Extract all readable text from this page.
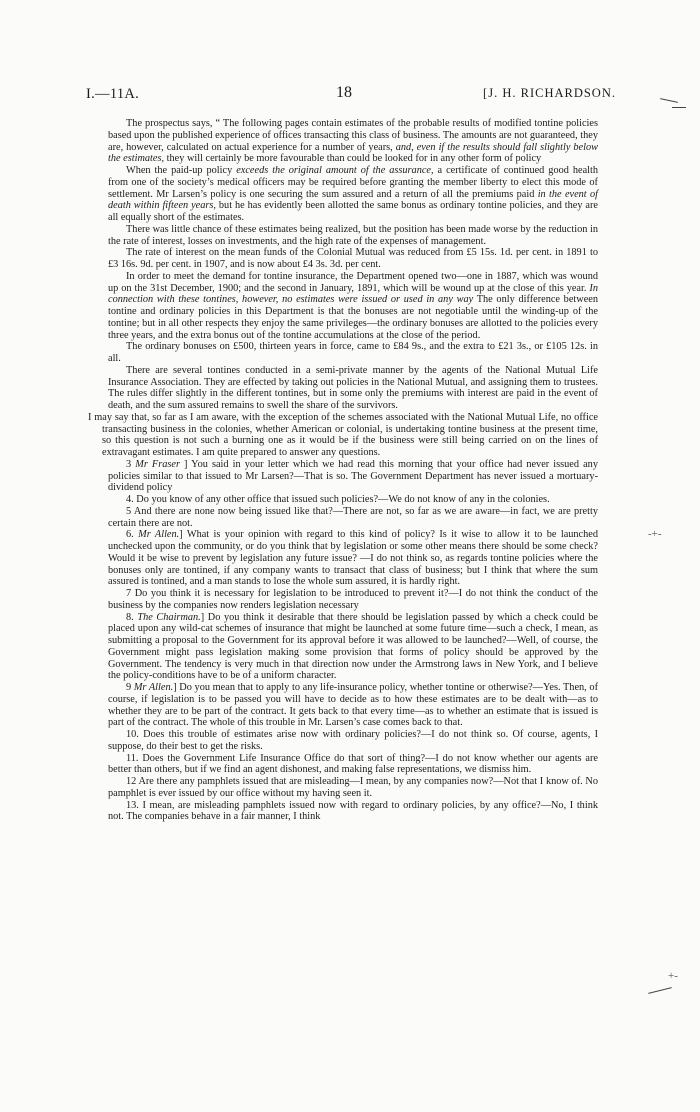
I.—11A.	18	[J. H. RICHARDSON.
-+-
+-

The prospectus says, “ The following pages contain estimates of the probable results of modified tontine policies based upon the published experience of offices transacting this class of business. The amounts are not guaranteed, they are, however, calculated on actual experience for a number of years, and, even if the results should fall slightly below the estimates, they will certainly be more favourable than could be looked for in any other form of policy

When the paid-up policy exceeds the original amount of the assurance, a certificate of continued good health from one of the society’s medical officers may be required before granting the member liberty to elect this mode of settlement. Mr Larsen’s policy is one securing the sum assured and a return of all the premiums paid in the event of death within fifteen years, but he has evidently been allotted the same bonus as ordinary tontine policies, and they are all equally short of the estimates.

There was little chance of these estimates being realized, but the position has been made worse by the reduction in the rate of interest, losses on investments, and the high rate of the expenses of management.

The rate of interest on the mean funds of the Colonial Mutual was reduced from £5 15s. 1d. per cent. in 1891 to £3 16s. 9d. per cent. in 1907, and is now about £4 3s. 3d. per cent.

In order to meet the demand for tontine insurance, the Department opened two—one in 1887, which was wound up on the 31st December, 1900; and the second in January, 1891, which will be wound up at the close of this year. In connection with these tontines, however, no estimates were issued or used in any way The only difference between tontine and ordinary policies in this Department is that the bonuses are not negotiable until the winding-up of the tontine; but in all other respects they enjoy the same privileges—the ordinary bonuses are allotted to the policies every three years, and the extra bonus out of the tontine accumulations at the close of the period.

The ordinary bonuses on £500, thirteen years in force, came to £84 9s., and the extra to £21 3s., or £105 12s. in all.

There are several tontines conducted in a semi-private manner by the agents of the National Mutual Life Insurance Association. They are effected by taking out policies in the National Mutual, and assigning them to trustees. The rules differ slightly in the different tontines, but in some only the premiums with interest are paid in the event of death, and the sum assured remains to swell the share of the survivors.

I may say that, so far as I am aware, with the exception of the schemes associated with the National Mutual Life, no office transacting business in the colonies, whether American or colonial, is undertaking tontine business at the present time, so this question is not such a burning one as it would be if the business were still being carried on on the lines of extravagant estimates. I am quite prepared to answer any questions.

3 Mr Fraser ] You said in your letter which we had read this morning that your office had never issued any policies similar to that issued to Mr Larsen?—That is so. The Government Department has never issued a mortuary-dividend policy

4. Do you know of any other office that issued such policies?—We do not know of any in the colonies.

5 And there are none now being issued like that?—There are not, so far as we are aware—in fact, we are pretty certain there are not.

6. Mr Allen.] What is your opinion with regard to this kind of policy? Is it wise to allow it to be launched unchecked upon the community, or do you think that by legislation or some other means there should be some check? Would it be wise to prevent by legislation any future issue? —I do not think so, as regards tontine policies where the bonuses only are tontined, if any company wants to transact that class of business; but I think that where the sum assured is tontined, and a man stands to lose the whole sum assured, it is hardly right.

7 Do you think it is necessary for legislation to be introduced to prevent it?—I do not think the conduct of the business by the companies now renders legislation necessary

8. The Chairman.] Do you think it desirable that there should be legislation passed by which a check could be placed upon any wild-cat schemes of insurance that might be launched at some future time—such a check, I mean, as submitting a proposal to the Government for its approval before it was allowed to be launched?—Well, of course, the Government might pass legislation making some provision that forms of policy should be approved by the Government. The tendency is very much in that direction now under the Armstrong laws in New York, and I believe the policy-conditions have to be of a uniform character.

9 Mr Allen.] Do you mean that to apply to any life-insurance policy, whether tontine or otherwise?—Yes. Then, of course, if legislation is to be passed you will have to decide as to how these estimates are to be dealt with—as to whether they are to be part of the contract. It gets back to that every time—as to whether an estimate that is issued is part of the contract. The whole of this trouble in Mr. Larsen’s case comes back to that.

10. Does this trouble of estimates arise now with ordinary policies?—I do not think so. Of course, agents, I suppose, do their best to get the risks.

11. Does the Government Life Insurance Office do that sort of thing?—I do not know whether our agents are better than others, but if we find an agent dishonest, and making false representations, we dismiss him.

12 Are there any pamphlets issued that are misleading—I mean, by any companies now?—Not that I know of. No pamphlet is ever issued by our office without my having seen it.

13. I mean, are misleading pamphlets issued now with regard to ordinary policies, by any office?—No, I think not. The companies behave in a fair manner, I think
